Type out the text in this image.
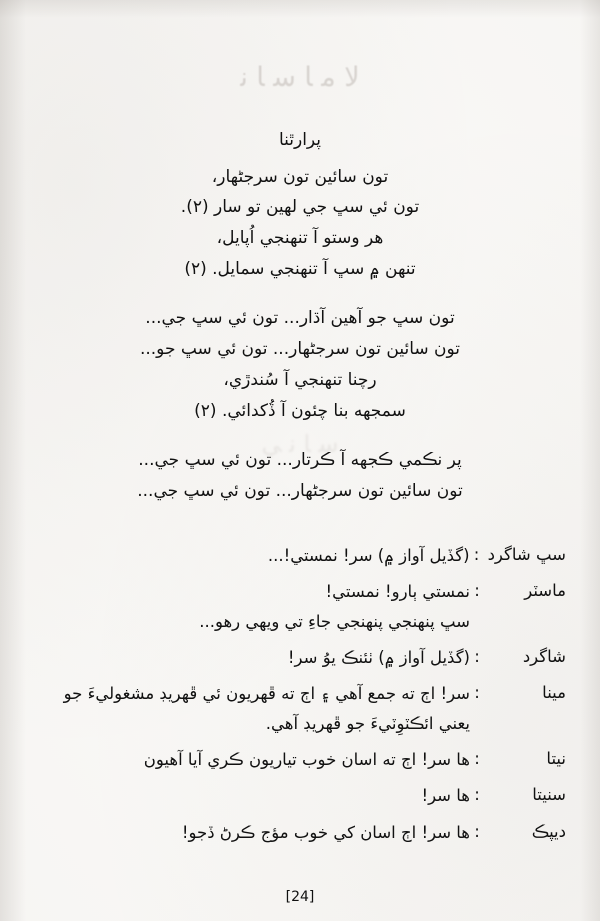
ﻻ ﻣ ﺎ ﺳ ﺎ ﻧ
ﺳ ﺎ ﻧ ﻲ
پرارٿنا
تون سائين تون سرجڻهار،
تون ئي سڀ جي لهين تو سار (٢).
هر وستو آ تنهنجي اُپايل،
تنهن ۾ سڀ آ تنهنجي سمايل. (٢)
تون سڀ جو آهين آڌار... تون ئي سڀ جي...
تون سائين تون سرجڻهار... تون ئي سڀ جو...
رچنا تنهنجي آ سُندڙي،
سمجهه بنا چئون آ ڏُکدائي. (٢)
پر نڪمي ڪجهه آ ڪرتار... تون ئي سڀ جي...
تون سائين تون سرجڻهار... تون ئي سڀ جي...
سڀ شاگرد
:
(گڏيل آواز ۾) سر! نمستي!...
ماسٽر
:
نمستي ٻارو! نمستي!
سڀ پنهنجي پنهنجي جاءِ تي ويهي رهو...
شاگرد
:
(گڏيل آواز ۾) ٺئنڪ يوُ سر!
مينا
:
سر! اڄ ته جمع آهي ۽ اڄ ته ڦهريون ئي ڦهريڊ مشغوليءَ جو
يعني ائڪٽوِٽيءَ جو ڦهريڊ آهي.
نيتا
:
ها سر! اڄ ته اسان خوب تياريون ڪري آيا آهيون
سنيتا
:
ها سر!
ديپڪ
:
ها سر! اڄ اسان کي خوب مؤج ڪرڻ ڏجو!
[24]
